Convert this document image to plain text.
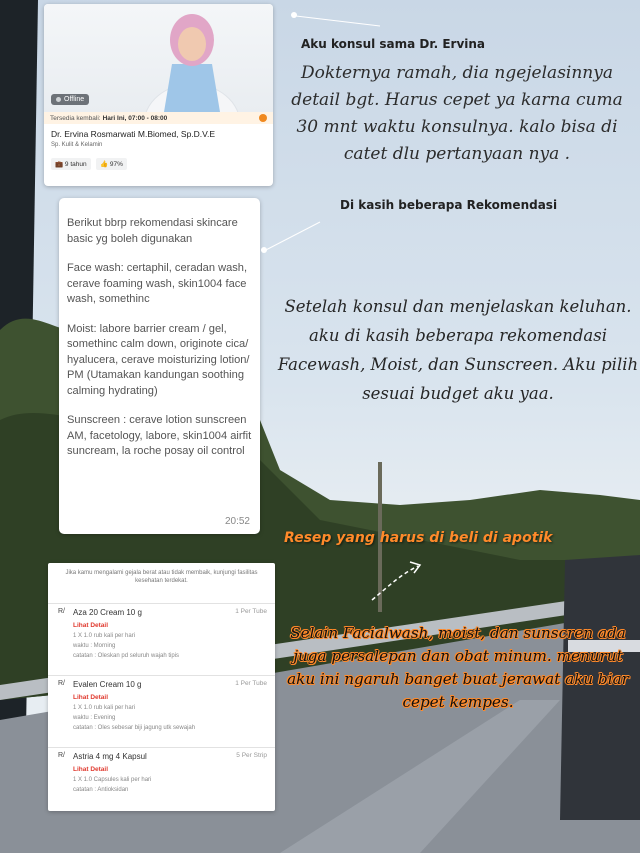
Offline
Tersedia kembali: Hari Ini, 07:00 - 08:00
Dr. Ervina Rosmarwati M.Biomed, Sp.D.V.E
Sp. Kulit & Kelamin
💼 9 tahun	👍 97%

Berikut bbrp rekomendasi skincare basic yg boleh digunakan

Face wash: certaphil, ceradan wash, cerave foaming wash, skin1004 face wash, somethinc

Moist: labore barrier cream / gel, somethinc calm down, originote cica/ hyalucera, cerave moisturizing lotion/ PM (Utamakan kandungan soothing calming hydrating)

Sunscreen : cerave lotion sunscreen AM, facetology, labore, skin1004 airfit suncream, la roche posay oil control

20:52
Jika kamu mengalami gejala berat atau tidak membaik, kunjungi fasilitas kesehatan terdekat.
R/ Aza 20 Cream 10 g	1 Per Tube
Lihat Detail
1 X 1.0 rub kali per hari
waktu : Morning
catatan : Oleskan pd seluruh wajah tipis
R/ Evalen Cream 10 g	1 Per Tube
Lihat Detail
1 X 1.0 rub kali per hari
waktu : Evening
catatan : Oles sebesar biji jagung utk sewajah
R/ Astria 4 mg 4 Kapsul	5 Per Strip
Lihat Detail
1 X 1.0 Capsules kali per hari
catatan : Antioksidan
Aku konsul sama Dr. Ervina
Dokternya ramah, dia ngejelasinnya detail bgt. Harus cepet ya karna cuma 30 mnt waktu konsulnya. kalo bisa di catet dlu pertanyaan nya .
Di kasih beberapa Rekomendasi
Setelah konsul dan menjelaskan keluhan. aku di kasih beberapa rekomendasi Facewash, Moist, dan Sunscreen. Aku pilih sesuai budget aku yaa.
Resep yang harus di beli di apotik
Selain Facialwash, moist, dan sunscren ada juga persalepan dan obat minum. menurut aku ini ngaruh banget buat jerawat aku biar cepet kempes.
